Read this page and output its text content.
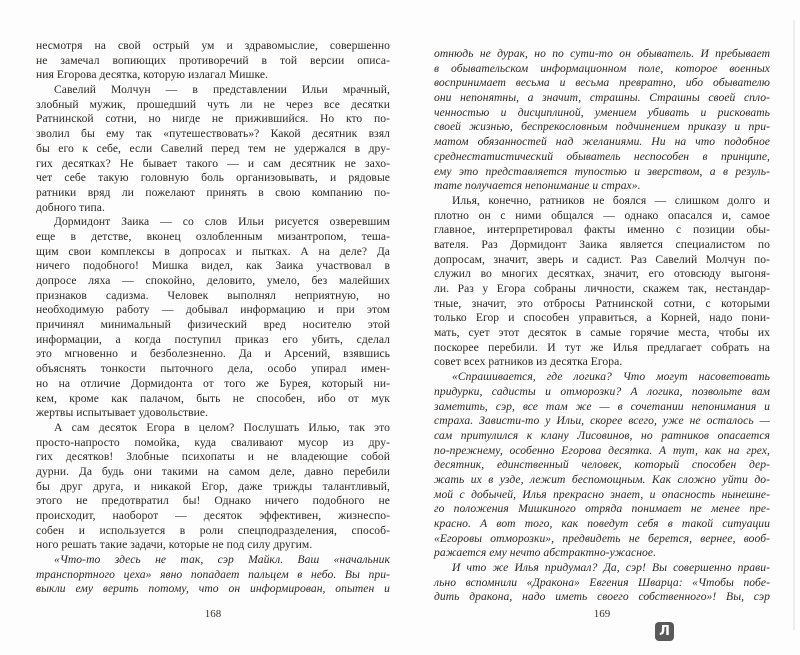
несмотря на свой острый ум и здравомыслие, совершенно
не замечал вопиющих противоречий в той версии описа-
ния Егорова десятка, которую излагал Мишке.
Савелий Молчун — в представлении Ильи мрачный,
злобный мужик, прошедший чуть ли не через все десятки
Ратнинской сотни, но нигде не прижившийся. Но кто по-
зволил бы ему так «путешествовать»? Какой десятник взял
бы его к себе, если Савелий перед тем не удержался в дру-
гих десятках? Не бывает такого — и сам десятник не захо-
чет себе такую головную боль организовывать, и рядовые
ратники вряд ли пожелают принять в свою компанию по-
добного типа.
Дормидонт Заика — со слов Ильи рисуется озверевшим
еще в детстве, вконец озлобленным мизантропом, теша-
щим свои комплексы в допросах и пытках. А на деле? Да
ничего подобного! Мишка видел, как Заика участвовал в
допросе ляха — спокойно, деловито, умело, без малейших
признаков садизма. Человек выполнял неприятную, но
необходимую работу — добывал информацию и при этом
причинял минимальный физический вред носителю этой
информации, а когда поступил приказ его убить, сделал
это мгновенно и безболезненно. Да и Арсений, взявшись
объяснять тонкости пыточного дела, особо упирал имен-
но на отличие Дормидонта от того же Бурея, который ни-
кем, кроме как палачом, быть не способен, ибо от мук
жертвы испытывает удовольствие.
А сам десяток Егора в целом? Послушать Илью, так это
просто-напросто помойка, куда сваливают мусор из дру-
гих десятков! Злобные психопаты и не владеющие собой
дурни. Да будь они такими на самом деле, давно перебили
бы друг друга, и никакой Егор, даже трижды талантливый,
этого не предотвратил бы! Однако ничего подобного не
происходит, наоборот — десяток эффективен, жизнеспо-
собен и используется в роли спецподразделения, способ-
ного решать такие задачи, которые не под силу другим.
«Что-то здесь не так, сэр Майкл. Ваш «начальник
транспортного цеха» явно попадает пальцем в небо. Вы при-
выкли ему верить потому, что он информирован, опытен и
отнюдь не дурак, но по сути-то он обыватель. И пребывает
в обывательском информационном поле, которое военных
воспринимает весьма и весьма превратно, ибо обывателю
они непонятны, а значит, страшны. Страшны своей спло-
ченностью и дисциплиной, умением убивать и рисковать
своей жизнью, беспрекословным подчинением приказу и при-
матом обязанностей над желаниями. Ни на что подобное
среднестатистический обыватель неспособен в принципе,
ему это представляется тупостью и зверством, а в резуль-
тате получается непонимание и страх».
Илья, конечно, ратников не боялся — слишком долго и
плотно он с ними общался — однако опасался и, самое
главное, интерпретировал факты именно с позиции обы-
вателя. Раз Дормидонт Заика является специалистом по
допросам, значит, зверь и садист. Раз Савелий Молчун по-
служил во многих десятках, значит, его отовсюду выгоня-
ли. Раз у Егора собраны личности, скажем так, нестандар-
тные, значит, это отбросы Ратнинской сотни, с которыми
только Егор и способен управиться, а Корней, надо пони-
мать, сует этот десяток в самые горячие места, чтобы их
поскорее перебили. И тут же Илья предлагает собрать на
совет всех ратников из десятка Егора.
«Спрашивается, где логика? Что могут насоветовать
придурки, садисты и отморозки? А логика, позвольте вам
заметить, сэр, все там же — в сочетании непонимания и
страха. Зависти-то у Ильи, скорее всего, уже не осталось —
сам притулился к клану Лисовинов, но ратников опасается
по-прежнему, особенно Егорова десятка. А тут, как на грех,
десятник, единственный человек, который способен дер-
жать их в узде, лежит беспомощным. Как сложно уйти до-
мой с добычей, Илья прекрасно знает, и опасность нынешне-
го положения Мишкиного отряда понимает не менее пре-
красно. А вот того, как поведут себя в такой ситуации
«Егоровы отморозки», предвидеть не берется, вернее, вооб-
ражается ему нечто абстрактно-ужасное.
И что же Илья придумал? Да, сэр! Вы совершенно прави-
льно вспомнили «Дракона» Евгения Шварца: «Чтобы побе-
дить дракона, надо иметь своего собственного»! Вы, сэр
168	169
Л
